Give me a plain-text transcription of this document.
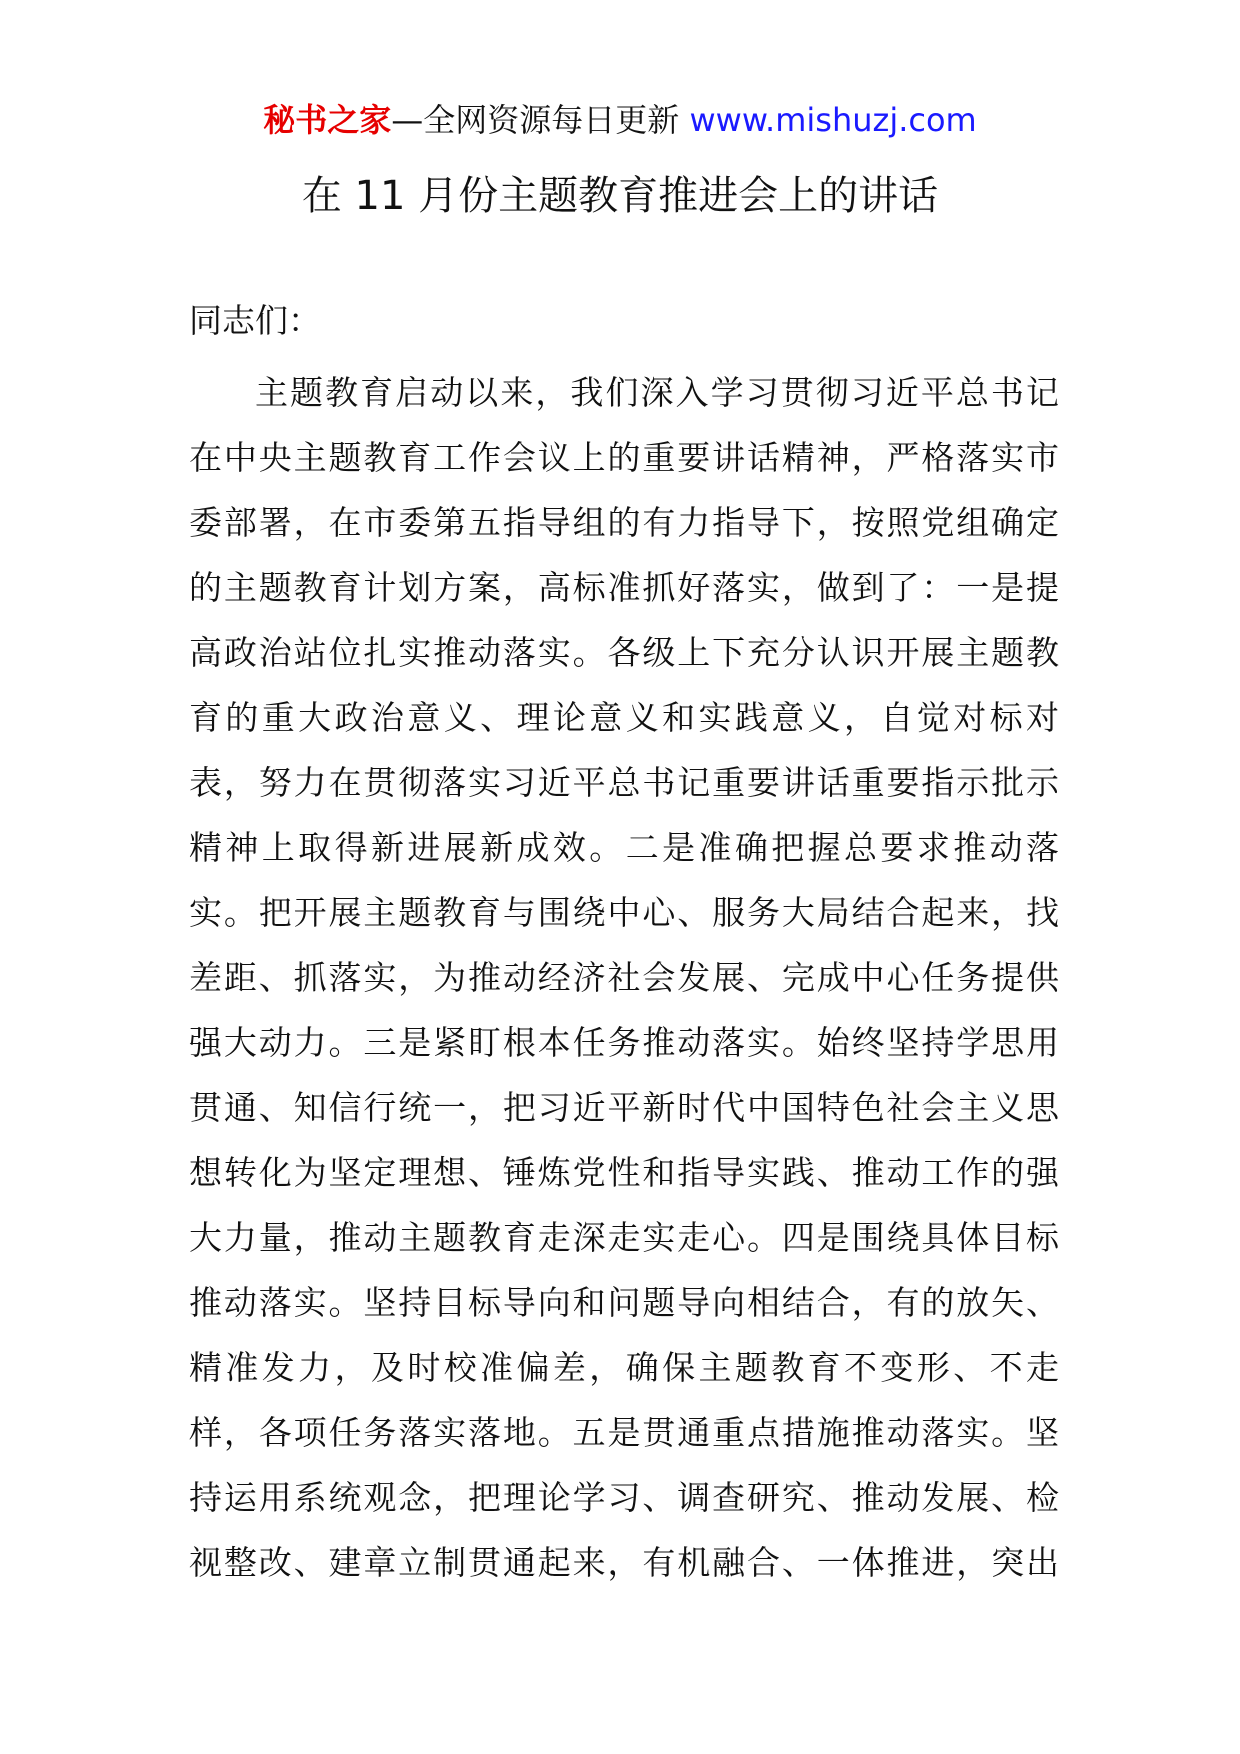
秘书之家—全网资源每日更新 www.mishuzj.com
在 11 月份主题教育推进会上的讲话
同志们：
主题教育启动以来，我们深入学习贯彻习近平总书记
在中央主题教育工作会议上的重要讲话精神，严格落实市
委部署，在市委第五指导组的有力指导下，按照党组确定
的主题教育计划方案，高标准抓好落实，做到了：一是提
高政治站位扎实推动落实。各级上下充分认识开展主题教
育的重大政治意义、理论意义和实践意义，自觉对标对
表，努力在贯彻落实习近平总书记重要讲话重要指示批示
精神上取得新进展新成效。二是准确把握总要求推动落
实。把开展主题教育与围绕中心、服务大局结合起来，找
差距、抓落实，为推动经济社会发展、完成中心任务提供
强大动力。三是紧盯根本任务推动落实。始终坚持学思用
贯通、知信行统一，把习近平新时代中国特色社会主义思
想转化为坚定理想、锤炼党性和指导实践、推动工作的强
大力量，推动主题教育走深走实走心。四是围绕具体目标
推动落实。坚持目标导向和问题导向相结合，有的放矢、
精准发力，及时校准偏差，确保主题教育不变形、不走
样，各项任务落实落地。五是贯通重点措施推动落实。坚
持运用系统观念，把理论学习、调查研究、推动发展、检
视整改、建章立制贯通起来，有机融合、一体推进，突出
